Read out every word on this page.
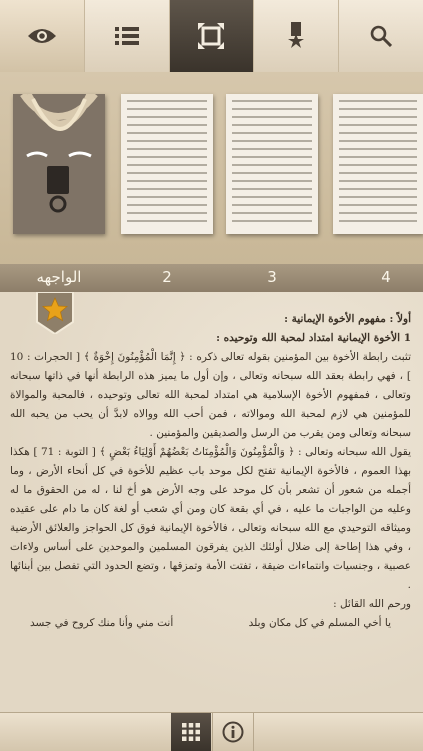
الواجهه	2	3	4

أولاً : مفهوم الأخوة الإيمانية :

1 الأخوة الإيمانية امتداد لمحبة الله وتوحيده :

تثبت رابطة الأخوة بين المؤمنين بقوله تعالى ذكره : ﴿ إِنَّمَا الْمُؤْمِنُونَ إِخْوَةٌ ﴾ [ الحجرات : 10 ] ، فهي رابطة بعقد الله سبحانه وتعالى ، وإن أول ما يميز هذه الرابطة أنها في ذاتها سبحانه وتعالى ، فمفهوم الأخوة الإسلامية هي امتداد لمحبة الله تعالى وتوحيده ، فالمحبة والموالاة للمؤمنين هي لازم لمحبة الله وموالاته ، فمن أحب الله ووالاه لابدَّ أن يحب من يحبه الله سبحانه وتعالى ومن يقرب من الرسل والصديقين والمؤمنين .

يقول الله سبحانه وتعالى : ﴿ وَالْمُؤْمِنُونَ وَالْمُؤْمِنَاتُ بَعْضُهُمْ أَوْلِيَاءُ بَعْضٍ ﴾ [ التوبة : 71 ] هكذا بهذا العموم ، فالأخوة الإيمانية تفتح لكل موحد باب عظيم للأخوة في كل أنحاء الأرض ، وما أجمله من شعور أن تشعر بأن كل موحد على وجه الأرض هو أخ لنا ، له من الحقوق ما له وعليه من الواجبات ما عليه ، في أي بقعة كان ومن أي شعب أو لغة كان ما دام على عقيده وميثاقه التوحيدي مع الله سبحانه وتعالى ، فالأخوة الإيمانية فوق كل الحواجز والعلائق الأرضية ، وفي هذا إطاحة إلى ضلال أولئك الذين يفرقون المسلمين والموحدين على أساس ولاءات عصبية ، وجنسيات وانتماءات ضيقة ، تفتت الأمة وتمزقها ، وتضع الحدود التي تفصل بين أبنائها .

ورحم الله القائل :

يا أخي المسلم في كل مكان وبلد
أنت مني وأنا منك كروح في جسد
